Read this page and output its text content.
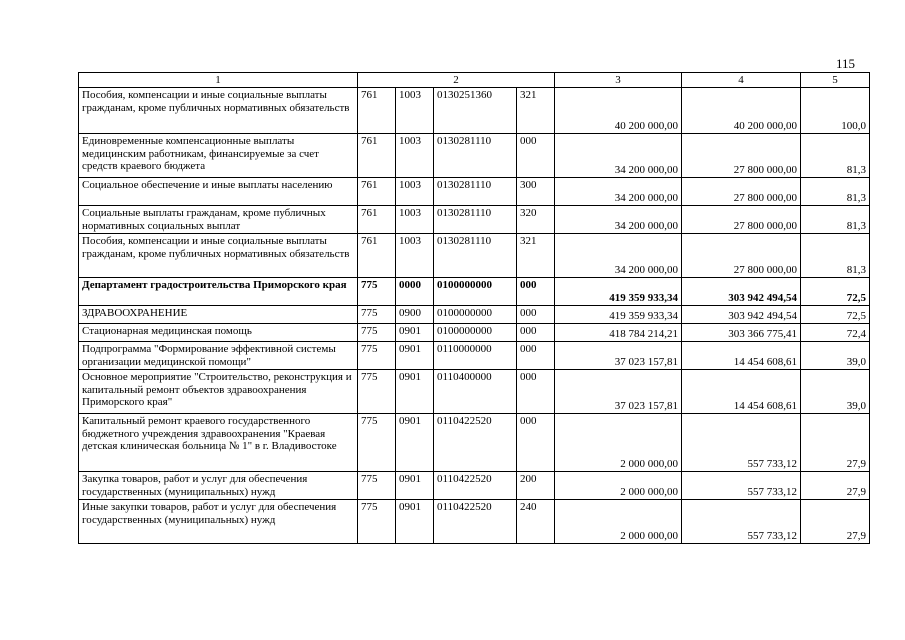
115
1	2				3	4	5
Пособия, компенсации и иные социальные выплаты гражданам, кроме публичных нормативных обязательств	761	1003	0130251360	321	40 200 000,00	40 200 000,00	100,0
Единовременные компенсационные выплаты медицинским работникам, финансируемые за счет средств краевого бюджета	761	1003	0130281110	000	34 200 000,00	27 800 000,00	81,3
Социальное обеспечение и иные выплаты населению	761	1003	0130281110	300	34 200 000,00	27 800 000,00	81,3
Социальные выплаты гражданам, кроме публичных нормативных социальных выплат	761	1003	0130281110	320	34 200 000,00	27 800 000,00	81,3
Пособия, компенсации и иные социальные выплаты гражданам, кроме публичных нормативных обязательств	761	1003	0130281110	321	34 200 000,00	27 800 000,00	81,3
Департамент градостроительства Приморского края	775	0000	0100000000	000	419 359 933,34	303 942 494,54	72,5
ЗДРАВООХРАНЕНИЕ	775	0900	0100000000	000	419 359 933,34	303 942 494,54	72,5
Стационарная медицинская помощь	775	0901	0100000000	000	418 784 214,21	303 366 775,41	72,4
Подпрограмма "Формирование эффективной системы организации медицинской помощи"	775	0901	0110000000	000	37 023 157,81	14 454 608,61	39,0
Основное мероприятие "Строительство, реконструкция и капитальный ремонт объектов здравоохранения Приморского края"	775	0901	0110400000	000	37 023 157,81	14 454 608,61	39,0
Капитальный ремонт краевого государственного бюджетного учреждения здравоохранения "Краевая детская клиническая больница № 1" в г. Владивостоке	775	0901	0110422520	000	2 000 000,00	557 733,12	27,9
Закупка товаров, работ и услуг для обеспечения государственных (муниципальных) нужд	775	0901	0110422520	200	2 000 000,00	557 733,12	27,9
Иные закупки товаров, работ и услуг для обеспечения государственных (муниципальных) нужд	775	0901	0110422520	240	2 000 000,00	557 733,12	27,9
